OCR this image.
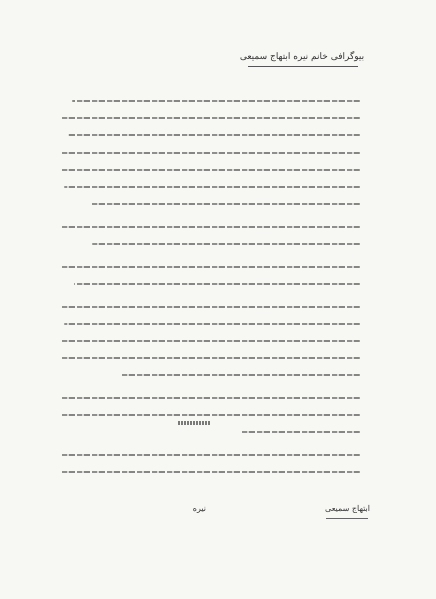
بیوگرافی خانم نیره ابتهاج سمیعی
ابتهاج سمیعی
نیره
